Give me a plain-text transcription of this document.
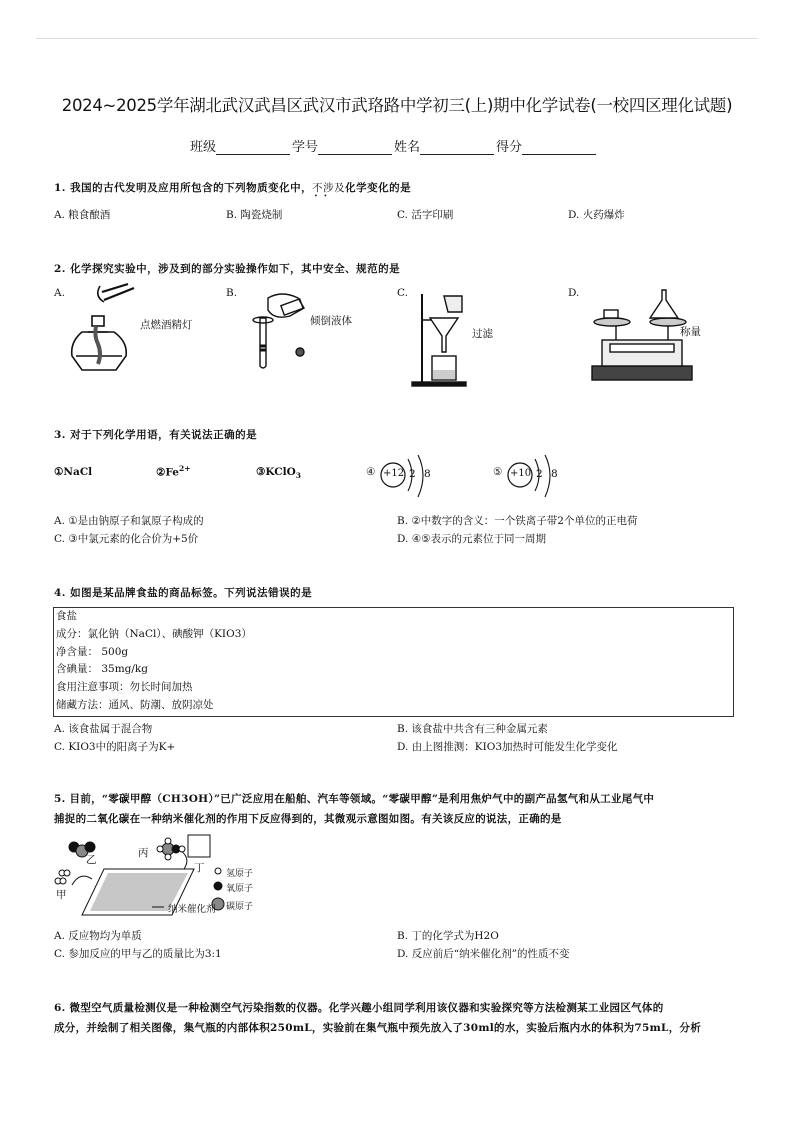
2024~2025学年湖北武汉武昌区武汉市武珞路中学初三(上)期中化学试卷(一校四区理化试题)
班级	学号	姓名	得分
1. 我国的古代发明及应用所包含的下列物质变化中，不涉及 • •化学变化的是
A. 粮食酿酒	B. 陶瓷烧制	C. 活字印刷	D. 火药爆炸
2. 化学探究实验中，涉及到的部分实验操作如下，其中安全、规范的是
A.	B.	C.	D.
点燃酒精灯	倾倒液体
过滤	称量
3. 对于下列化学用语，有关说法正确的是
①NaCl	$②Fe^{2+}$	③KClO$_3$	④ +12 2 8	⑤ +10 2 8
A. ①是由钠原子和氯原子构成的	B. ②中数字的含义：一个铁离子带2个单位的正电荷
C. ③中氯元素的化合价为+5价	D. ④⑤表示的元素位于同一周期
4. 如图是某品牌食盐的商品标签。下列说法错误的是
食盐
成分：氯化钠（NaCl）、碘酸钾（KIO3）
净含量： 500g
含碘量： 35mg/kg
食用注意事项：勿长时间加热
储藏方法：通风、防潮、放阴凉处
A. 该食盐属于混合物	B. 该食盐中共含有三种金属元素
C. KIO3中的阳离子为K+	D. 由上图推测：KIO3加热时可能发生化学变化
5. 目前，“零碳甲醇（CH3OH）”已广泛应用在船舶、汽车等领域。“零碳甲醇”是利用焦炉气中的副产品氢气和从工业尾气中
捕捉的二氧化碳在一种纳米催化剂的作用下反应得到的，其微观示意图如图。有关该反应的说法，正确的是
乙
甲
丙
丁
纳米催化剂
氢原子
氧原子
碳原子
A. 反应物均为单质	B. 丁的化学式为H2O
C. 参加反应的甲与乙的质量比为3:1	D. 反应前后“纳米催化剂”的性质不变
6. 微型空气质量检测仪是一种检测空气污染指数的仪器。化学兴趣小组同学利用该仪器和实验探究等方法检测某工业园区气体的
成分，并绘制了相关图像，集气瓶的内部体积250mL，实验前在集气瓶中预先放入了30ml的水，实验后瓶内水的体积为75mL，分析
